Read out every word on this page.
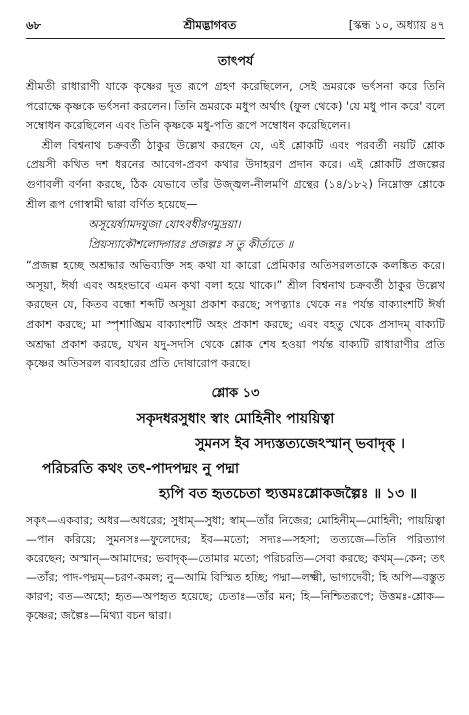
৬৮	শ্রীমদ্ভাগবত	[স্কন্ধ ১০, অধ্যায় ৪৭
তাৎপর্য

শ্রীমতী রাধারাণী যাকে কৃষ্ণের দূত রূপে গ্রহণ করেছিলেন, সেই ভ্রমরকে ভর্ৎসনা করে তিনি পরোক্ষে কৃষ্ণকে ভর্ৎসনা করলেন। তিনি ভ্রমরকে মধুপ অর্থাৎ (ফুল থেকে) 'যে মধু পান করে' বলে সম্বোধন করেছিলেন এবং তিনি কৃষ্ণকে মধু-পতি রূপে সম্বোধন করেছিলেন।

শ্রীল বিশ্বনাথ চক্রবর্তী ঠাকুর উল্লেখ করছেন যে, এই শ্লোকটি এবং পরবর্তী নয়টি শ্লোক প্রেয়সী কথিত দশ ধরনের আবেগ-প্রবণ কথার উদাহরণ প্রদান করে। এই শ্লোকটি প্রজল্পের গুণাবলী বর্ণনা করছে, ঠিক যেভাবে তাঁর উজ্জ্বল-নীলমণি গ্রন্থের (১৪/১৮২) নিম্নোক্ত শ্লোকে শ্রীল রূপ গোস্বামী দ্বারা বর্ণিত হয়েছে—

অসূয়ের্ষ্যামদযুজা যোঽবধীরণমুদ্রয়া।
প্রিয়স্যাকৌশলোদ্গারঃ প্রজল্পঃ স তু কীর্ত্যতে ॥

“প্রজল্প হচ্ছে অশ্রদ্ধার অভিব্যক্তি সহ কথা যা কারো প্রেমিকার অতিসরলতাকে কলঙ্কিত করে। অসূয়া, ঈর্ষা এবং অহংভাবে এমন কথা বলা হয়ে থাকে।” শ্রীল বিশ্বনাথ চক্রবর্তী ঠাকুর উল্লেখ করছেন যে, কিতব বন্ধো শব্দটি অসূয়া প্রকাশ করছে; সপত্ন্যাঃ থেকে নঃ পর্যন্ত বাক্যাংশটি ঈর্ষা প্রকাশ করছে; মা স্পৃশাঙ্ঘ্রিম বাক্যাংশটি অহং প্রকাশ করছে; এবং বহতু থেকে প্রসাদম্ বাক্যটি অশ্রদ্ধা প্রকাশ করছে, যখন যদু-সদসি থেকে শ্লোক শেষ হওয়া পর্যন্ত বাক্যটি রাধারাণীর প্রতি কৃষ্ণের অতিসরল ব্যবহারের প্রতি দোষারোপ করছে।

শ্লোক ১৩
সকৃদধরসুধাং স্বাং মোহিনীং পায়য়িত্বা
সুমনস ইব সদ্যস্তত্যজেঽস্মান্ ভবাদৃক্ ।
পরিচরতি কথং তৎ-পাদপদ্মং নু পদ্মা
হ্যপি বত হৃতচেতা হ্যুত্তমঃশ্লোকজল্পৈঃ ॥ ১৩ ॥

সকৃৎ—একবার; অধর—অধরের; সুধাম্—সুধা; স্বাম্—তাঁর নিজের; মোহিনীম্—মোহিনী; পায়য়িত্বা—পান করিয়ে; সুমনসঃ—ফুলেদের; ইব—মতো; সদ্যঃ—সহসা; তত্যজে—তিনি পরিত্যাগ করেছেন; অস্মান্—আমাদের; ভবাদৃক্—তোমার মতো; পরিচরতি—সেবা করছে; কথম্—কেন; তৎ—তাঁর; পাদ-পদ্মম্—চরণ-কমল; নু—আমি বিস্মিত হচ্ছি; পদ্মা—লক্ষ্মী, ভাগ্যদেবী; হি অপি—বস্তুত কারণ; বত—অহো; হৃত—অপহৃত হয়েছে; চেতাঃ—তাঁর মন; হি—নিশ্চিতরূপে; উত্তমঃ-শ্লোক—কৃষ্ণের; জল্পৈঃ—মিথ্যা বচন দ্বারা।
